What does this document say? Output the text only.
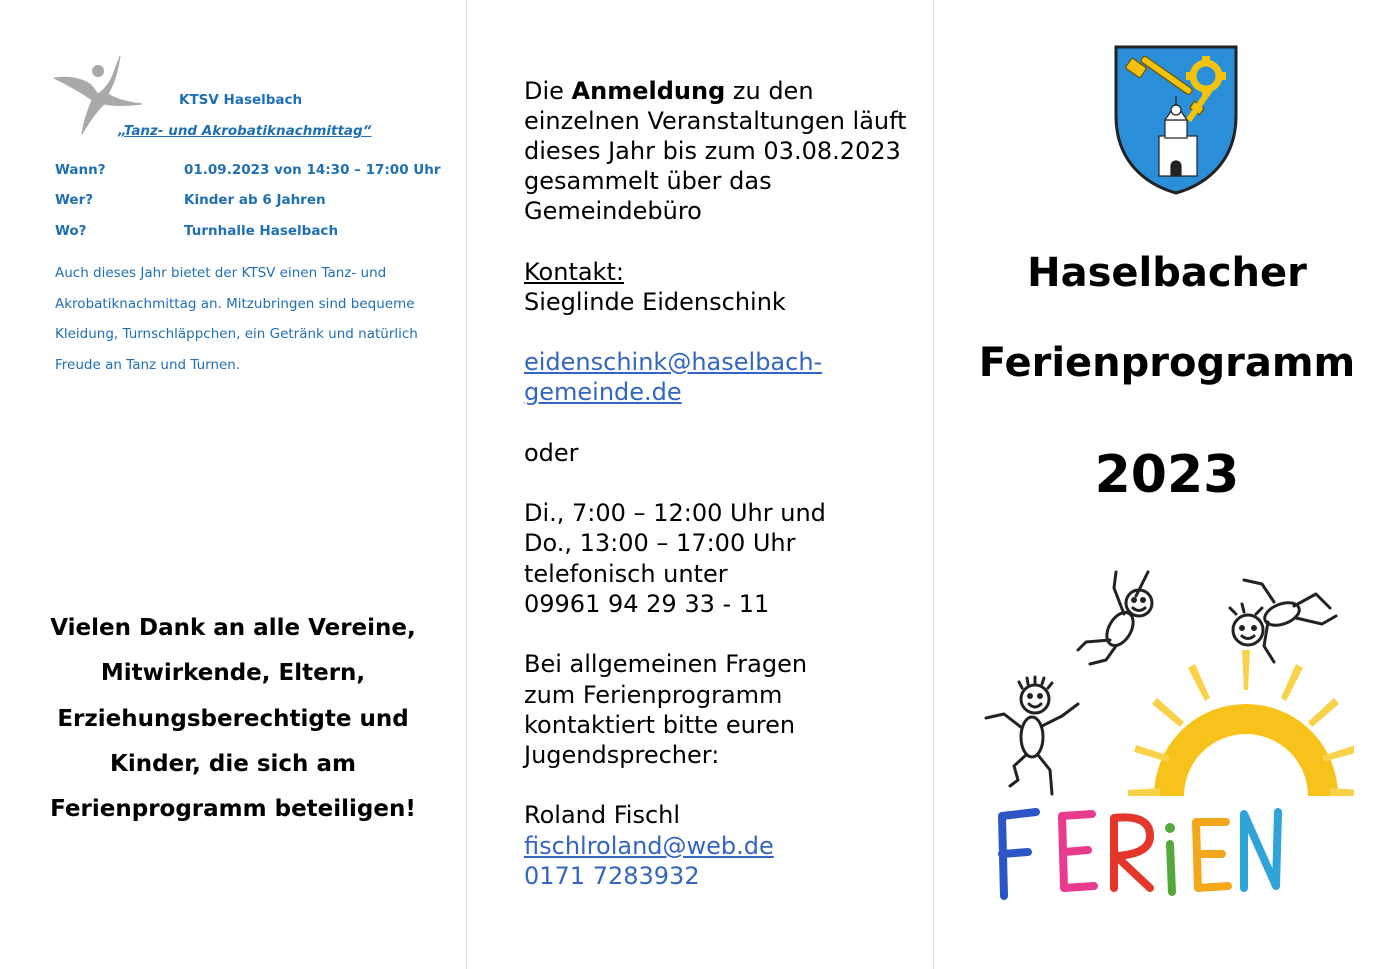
KTSV Haselbach
„Tanz- und Akrobatiknachmittag“
Wann?	01.09.2023 von 14:30 – 17:00 Uhr
Wer?	Kinder ab 6 Jahren
Wo?	Turnhalle Haselbach

Auch dieses Jahr bietet der KTSV einen Tanz- und

Akrobatiknachmittag an. Mitzubringen sind bequeme

Kleidung, Turnschläppchen, ein Getränk und natürlich

Freude an Tanz und Turnen.

Vielen Dank an alle Vereine,
Mitwirkende, Eltern,
Erziehungsberechtigte und
Kinder, die sich am
Ferienprogramm beteiligen!
Die Anmeldung zu den
einzelnen Veranstaltungen läuft
dieses Jahr bis zum 03.08.2023
gesammelt über das
Gemeindebüro
Kontakt:
Sieglinde Eidenschink
eidenschink@haselbach-
gemeinde.de
oder
Di., 7:00 – 12:00 Uhr und
Do., 13:00 – 17:00 Uhr
telefonisch unter
09961 94 29 33 - 11
Bei allgemeinen Fragen
zum Ferienprogramm
kontaktiert bitte euren
Jugendsprecher:
Roland Fischl
fischlroland@web.de
0171 7283932
Haselbacher
Ferienprogramm
2023
